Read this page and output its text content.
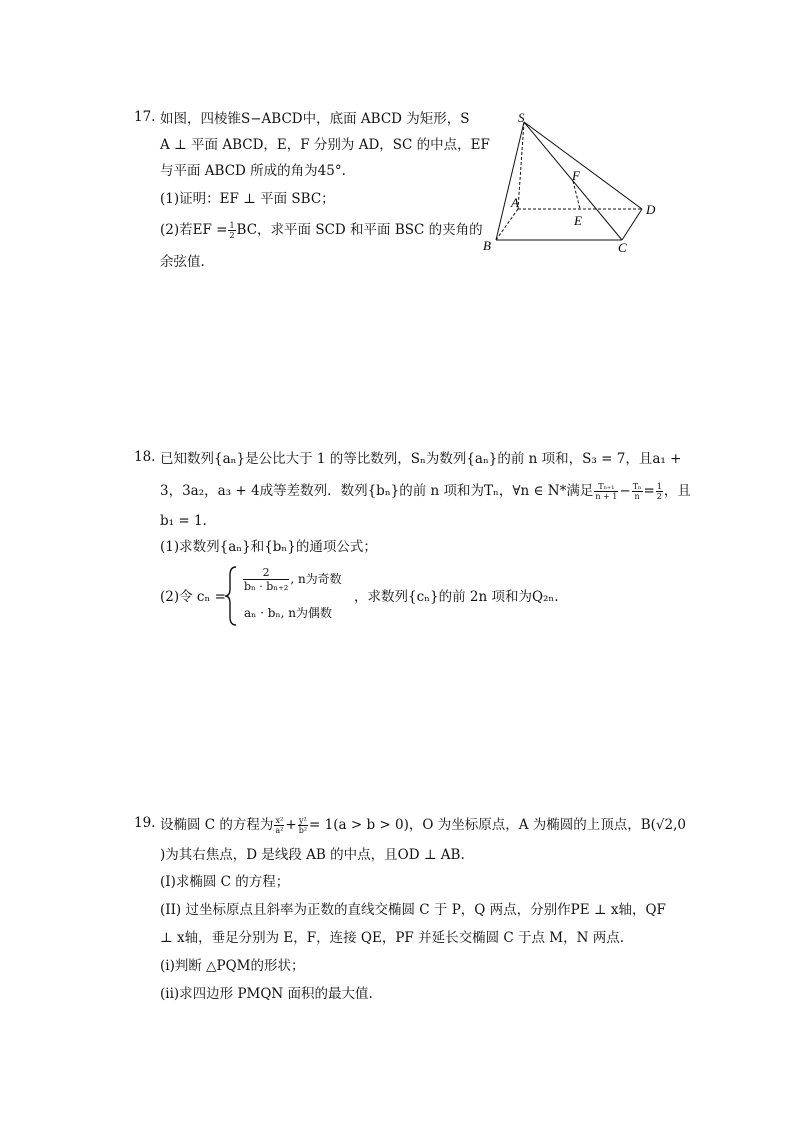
17. 如图，四棱锥S−ABCD中，底面 ABCD 为矩形，S
A ⊥ 平面 ABCD，E，F 分别为 AD，SC 的中点，EF
与平面 ABCD 所成的角为45°.
(1)证明：EF ⊥ 平面 SBC；
(2)若EF = $\frac{1}{2}$ BC，求平面 SCD 和平面 BSC 的夹角的
余弦值.
S
A
B	C
D
E
F
18. 已知数列{aₙ}是公比大于 1 的等比数列，Sₙ为数列{aₙ}的前 n 项和，S₃ = 7，且a₁ +
3，3a₂，a₃ + 4成等差数列．数列{bₙ}的前 n 项和为Tₙ，∀n ∈ N*满足 $\frac{\text{Tₙ₊₁}}{n + 1} - \frac{\text{Tₙ}}{n} = \frac{1}{2}$ ，且
b₁ = 1.
(1)求数列{aₙ}和{bₙ}的通项公式；
(2)令 cₙ =
$\frac{2}{\text{bₙ · bₙ₊₂}}$ , n为奇数
aₙ · bₙ, n为偶数
，求数列{cₙ}的前 2n 项和为Q₂ₙ.
19. 设椭圆 C 的方程为 $\frac{\text{x²}}{\text{a²}} + \frac{\text{y²}}{\text{b²}} = 1(a > b > 0)$，O 为坐标原点，A 为椭圆的上顶点，B(√2,0
)为其右焦点，D 是线段 AB 的中点，且OD ⊥ AB.
(I)求椭圆 C 的方程；
(II) 过坐标原点且斜率为正数的直线交椭圆 C 于 P，Q 两点，分别作PE ⊥ x轴，QF
⊥ x轴，垂足分别为 E，F，连接 QE，PF 并延长交椭圆 C 于点 M，N 两点.
(i)判断 △PQM的形状；
(ii)求四边形 PMQN 面积的最大值.
